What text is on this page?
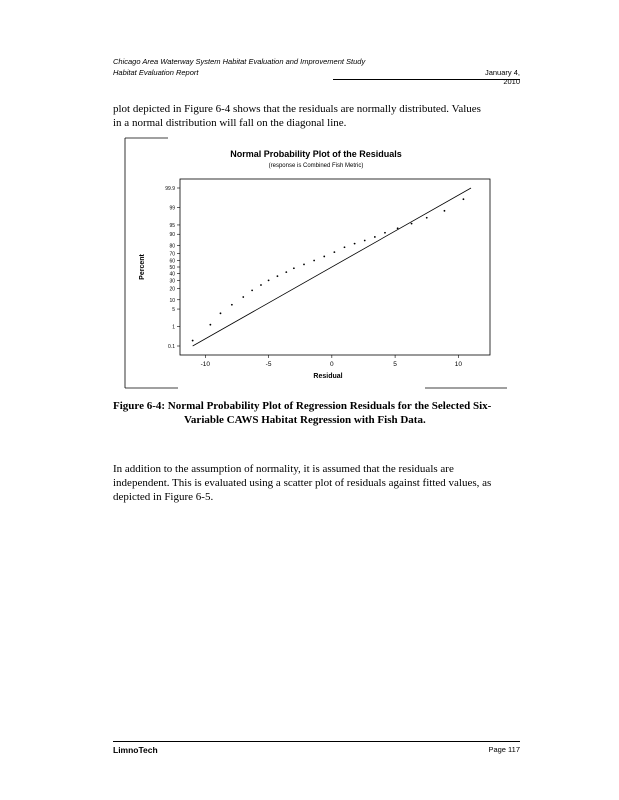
Chicago Area Waterway System Habitat Evaluation and Improvement Study
Habitat Evaluation Report	January 4, 2010
plot depicted in Figure 6-4 shows that the residuals are normally distributed. Values
in a normal distribution will fall on the diagonal line.
Normal Probability Plot of the Residuals
(response is Combined Fish Metric)
0.1
1
5
10
20
30
40
50
60
70
80
90
95
99
99.9
-10	-5	0	5	10
Percent
Residual
Figure 6-4: Normal Probability Plot of Regression Residuals for the Selected Six-
Variable CAWS Habitat Regression with Fish Data.
In addition to the assumption of normality, it is assumed that the residuals are
independent. This is evaluated using a scatter plot of residuals against fitted values, as
depicted in Figure 6-5.
LimnoTech	Page 117
